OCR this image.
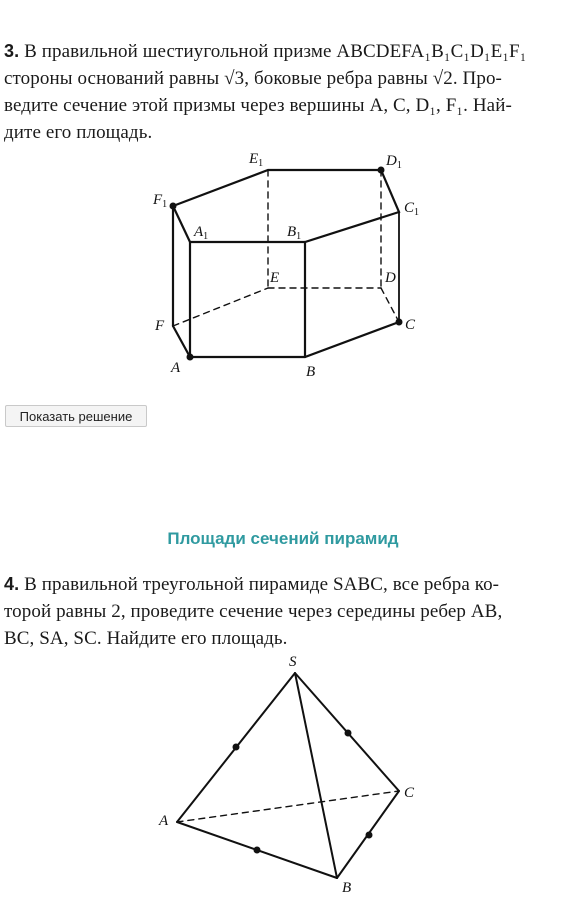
3. В правильной шестиугольной призме ABCDEFA₁B₁C₁D₁E₁F₁
стороны оснований равны √3, боковые ребра равны √2. Про-
ведите сечение этой призмы через вершины A, C, D₁, F₁. Най-
дите его площадь.
$E_1$	$D_1$
$F_1$	$C_1$
$A_1$	$B_1$
E	D
F	C
A	B
Показать решение
Площади сечений пирамид
4. В правильной треугольной пирамиде SABC, все ребра ко-
торой равны 2, проведите сечение через середины ребер AB,
BC, SA, SC. Найдите его площадь.
S
A
C
B
